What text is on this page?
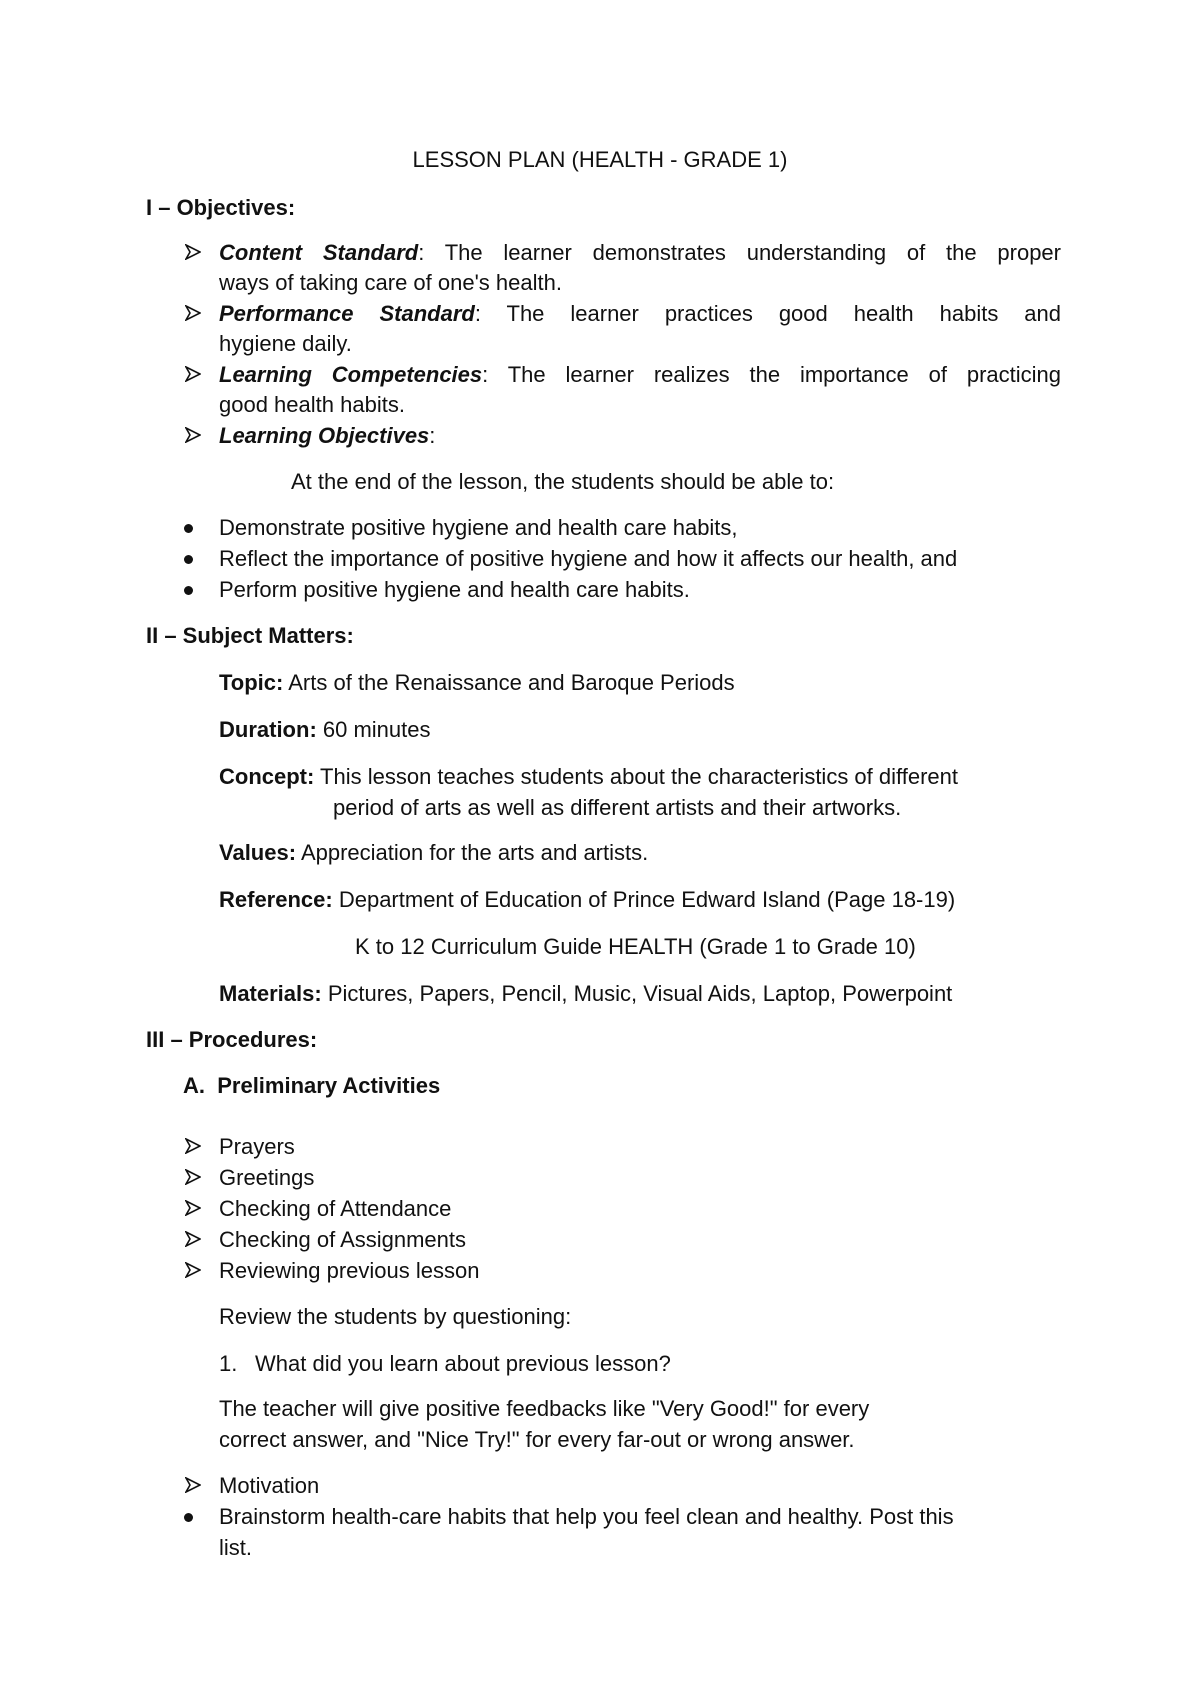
LESSON PLAN (HEALTH - GRADE 1)
I – Objectives:
Content Standard: The learner demonstrates understanding of the proper
ways of taking care of one's health.
Performance Standard: The learner practices good health habits and
hygiene daily.
Learning Competencies: The learner realizes the importance of practicing
good health habits.
Learning Objectives:
At the end of the lesson, the students should be able to:
Demonstrate positive hygiene and health care habits,
Reflect the importance of positive hygiene and how it affects our health, and
Perform positive hygiene and health care habits.
II – Subject Matters:
Topic: Arts of the Renaissance and Baroque Periods
Duration: 60 minutes
Concept: This lesson teaches students about the characteristics of different
period of arts as well as different artists and their artworks.
Values: Appreciation for the arts and artists.
Reference: Department of Education of Prince Edward Island (Page 18-19)
K to 12 Curriculum Guide HEALTH (Grade 1 to Grade 10)
Materials: Pictures, Papers, Pencil, Music, Visual Aids, Laptop, Powerpoint
III – Procedures:
A.  Preliminary Activities
Prayers
Greetings
Checking of Attendance
Checking of Assignments
Reviewing previous lesson
Review the students by questioning:
1. What did you learn about previous lesson?
The teacher will give positive feedbacks like "Very Good!" for every
correct answer, and "Nice Try!" for every far-out or wrong answer.
Motivation
Brainstorm health-care habits that help you feel clean and healthy. Post this
list.
